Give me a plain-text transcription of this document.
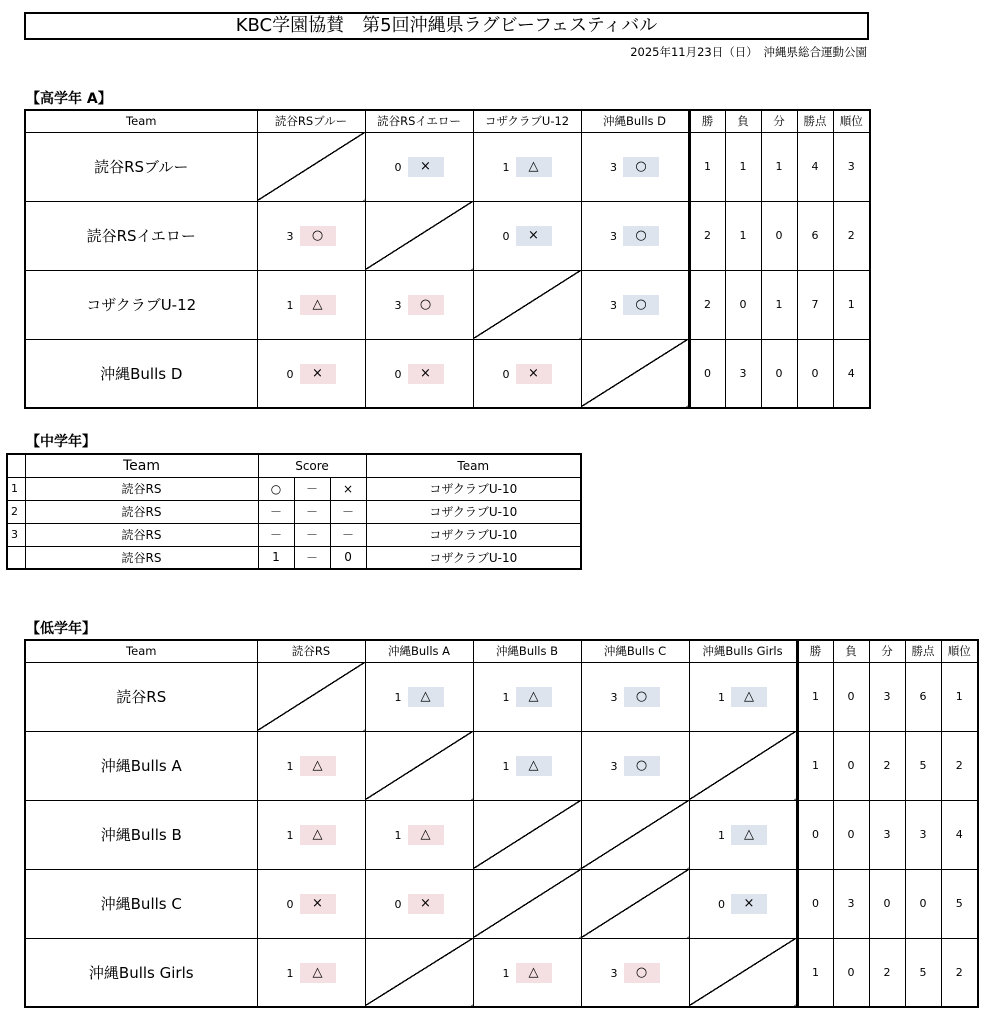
KBC学園協賛　第5回沖縄県ラグビーフェスティバル
2025年11月23日（日）　沖縄県総合運動公園
【高学年 A】
Team	読谷RSブルー	読谷RSイエロー	コザクラブU-12	沖縄Bulls D	勝	負	分	勝点	順位
読谷RSブルー		0 ×	1 △	3 ○	1	1	1	4	3
読谷RSイエロー	3 ○		0 ×	3 ○	2	1	0	6	2
コザクラブU-12	1 △	3 ○		3 ○	2	0	1	7	1
沖縄Bulls D	0 ×	0 ×	0 ×		0	3	0	0	4
【中学年】
	Team	Score			Team
1	読谷RS	○	－	×	コザクラブU-10
2	読谷RS	－	－	－	コザクラブU-10
3	読谷RS	－	－	－	コザクラブU-10
	読谷RS	1	－	0	コザクラブU-10
【低学年】
Team	読谷RS	沖縄Bulls A	沖縄Bulls B	沖縄Bulls C	沖縄Bulls Girls	勝	負	分	勝点	順位
読谷RS		1 △	1 △	3 ○	1 △	1	0	3	6	1
沖縄Bulls A	1 △		1 △	3 ○		1	0	2	5	2
沖縄Bulls B	1 △	1 △			1 △	0	0	3	3	4
沖縄Bulls C	0 ×	0 ×			0 ×	0	3	0	0	5
沖縄Bulls Girls	1 △		1 △	3 ○		1	0	2	5	2
